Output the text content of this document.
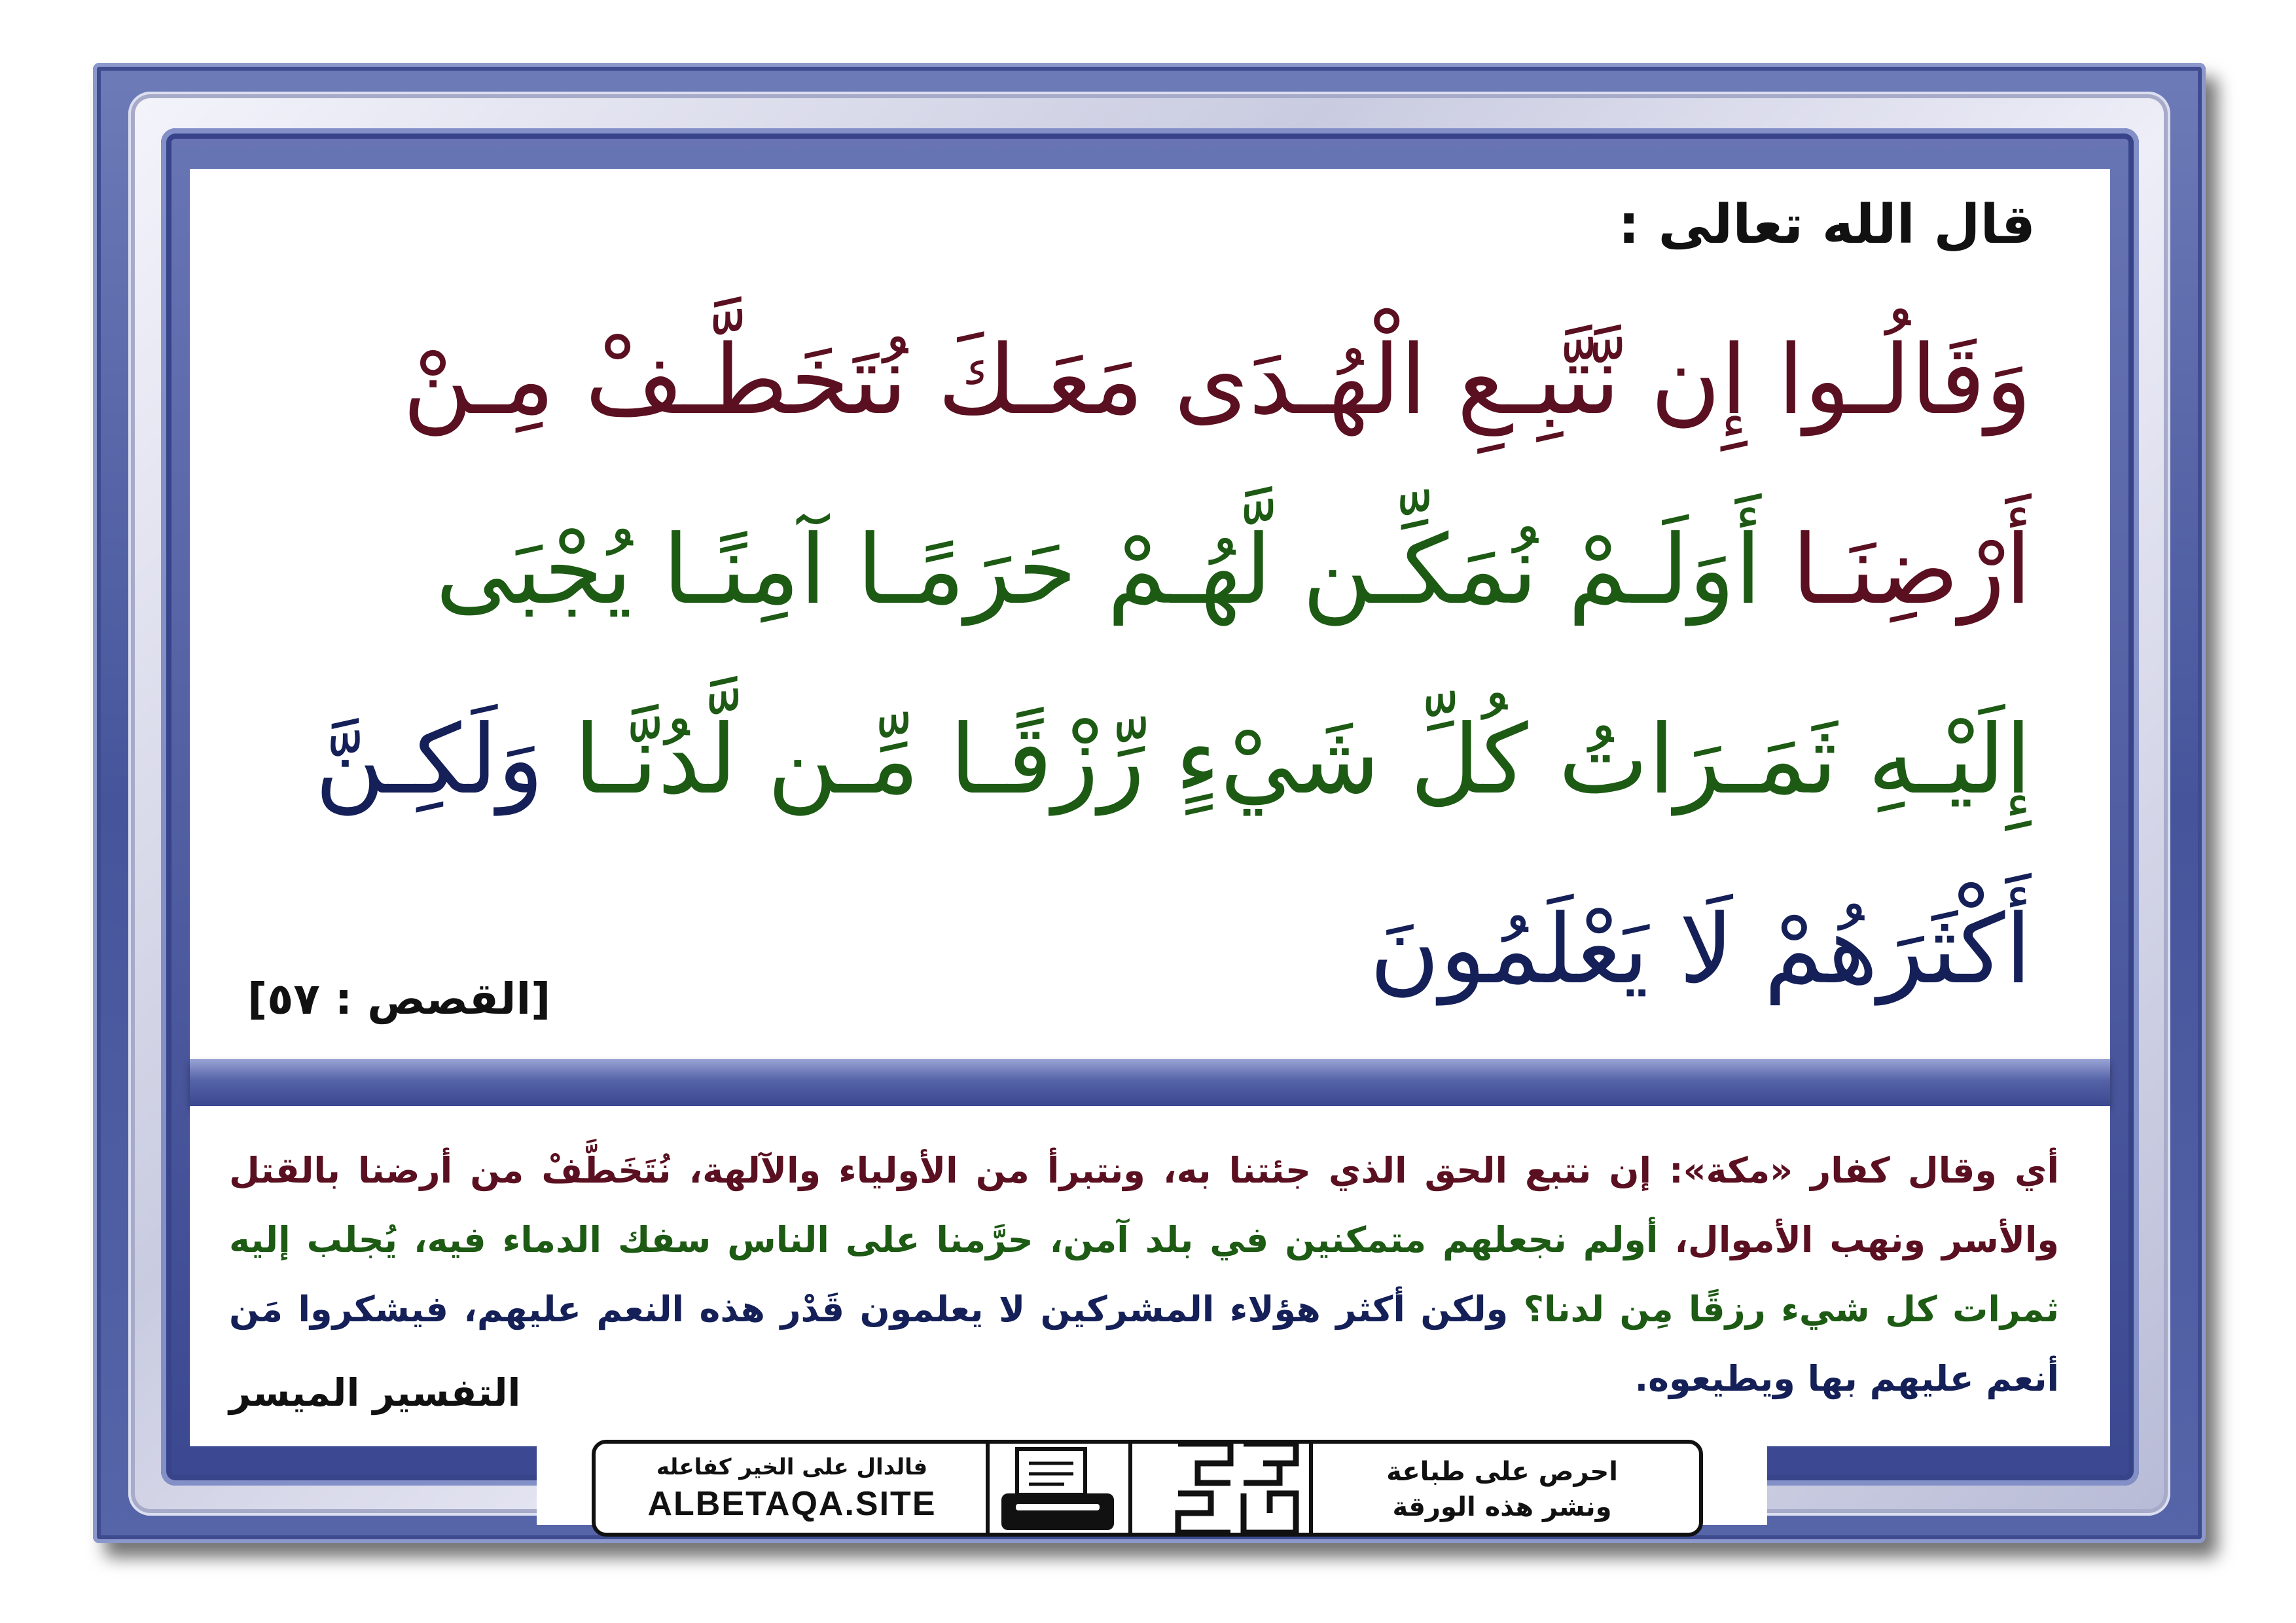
قال الله تعالى :
وَقَالُـوا إِن نَّتَّبِـعِ الْهُـدَى مَعَـكَ نُتَخَطَّـفْ مِـنْ
أَرْضِنَـا أَوَلَـمْ نُمَكِّـن لَّهُـمْ حَرَمًـا آمِنًـا يُجْبَى
إِلَيْـهِ ثَمَـرَاتُ كُلِّ شَيْءٍ رِّزْقًـا مِّـن لَّدُنَّـا وَلَكِـنَّ
أَكْثَرَهُمْ لَا يَعْلَمُونَ
[القصص : ٥٧]
أي وقال كفار «مكة»: إن نتبع الحق الذي جئتنا به، ونتبرأ من الأولياء والآلهة، نُتَخَطَّفْ من أرضنا بالقتل والأسر ونهب الأموال، أولم نجعلهم متمكنين في بلد آمن، حرَّمنا على الناس سفك الدماء فيه، يُجلب إليه ثمرات كل شيء رزقًا مِن لدنا؟ ولكن أكثر هؤلاء المشركين لا يعلمون قَدْر هذه النعم عليهم، فيشكروا مَن أنعم عليهم بها ويطيعوه.
التفسير الميسر
فالدال على الخير كفاعله
ALBETAQA.SITE
احرص على طباعة
ونشر هذه الورقة
